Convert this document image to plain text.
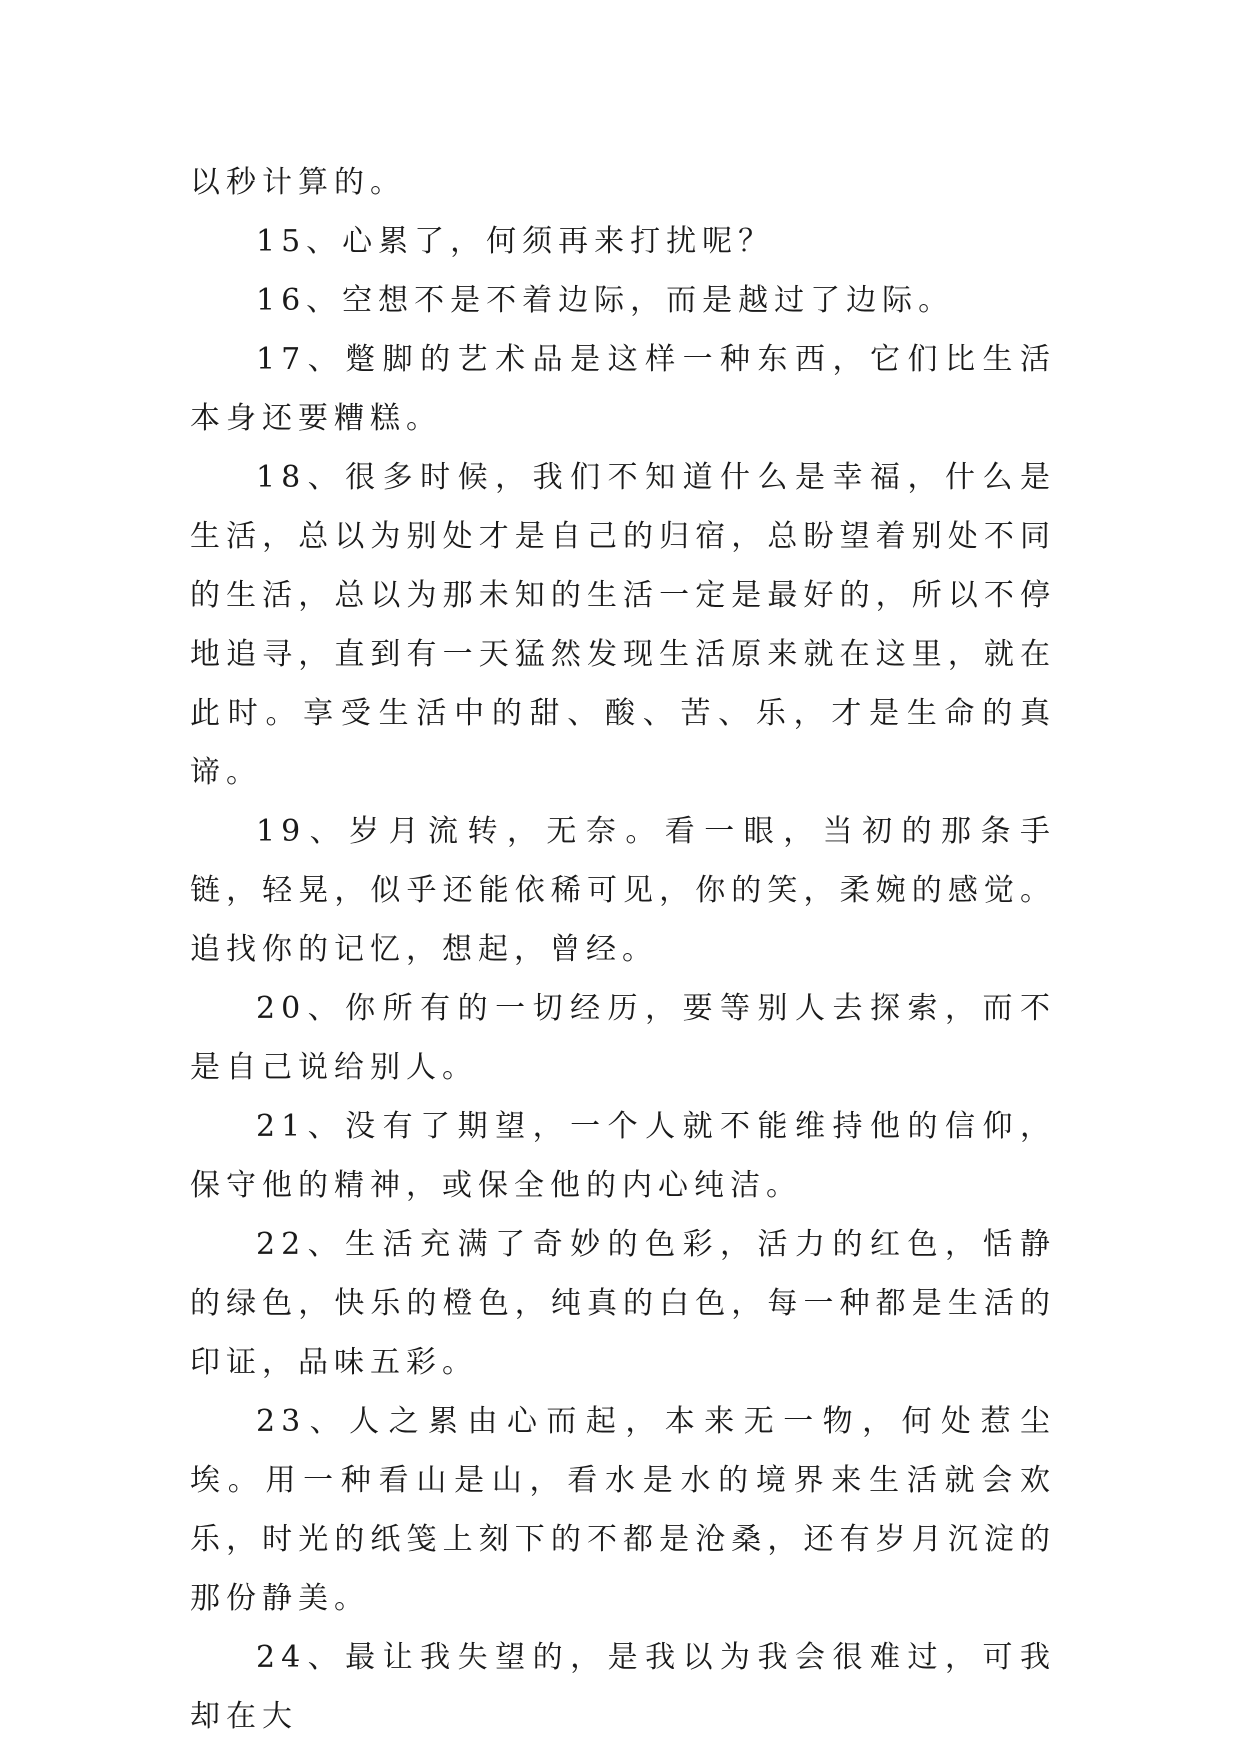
以秒计算的。

15、心累了，何须再来打扰呢？

16、空想不是不着边际，而是越过了边际。

17、蹩脚的艺术品是这样一种东西，它们比生活本身还要糟糕。

18、很多时候，我们不知道什么是幸福，什么是生活，总以为别处才是自己的归宿，总盼望着别处不同的生活，总以为那未知的生活一定是最好的，所以不停地追寻，直到有一天猛然发现生活原来就在这里，就在此时。享受生活中的甜、酸、苦、乐，才是生命的真谛。

19、岁月流转，无奈。看一眼，当初的那条手链，轻晃，似乎还能依稀可见，你的笑，柔婉的感觉。追找你的记忆，想起，曾经。

20、你所有的一切经历，要等别人去探索，而不是自己说给别人。

21、没有了期望，一个人就不能维持他的信仰，保守他的精神，或保全他的内心纯洁。

22、生活充满了奇妙的色彩，活力的红色，恬静的绿色，快乐的橙色，纯真的白色，每一种都是生活的印证，品味五彩。

23、人之累由心而起，本来无一物，何处惹尘埃。用一种看山是山，看水是水的境界来生活就会欢乐，时光的纸笺上刻下的不都是沧桑，还有岁月沉淀的那份静美。

24、最让我失望的，是我以为我会很难过，可我却在大
